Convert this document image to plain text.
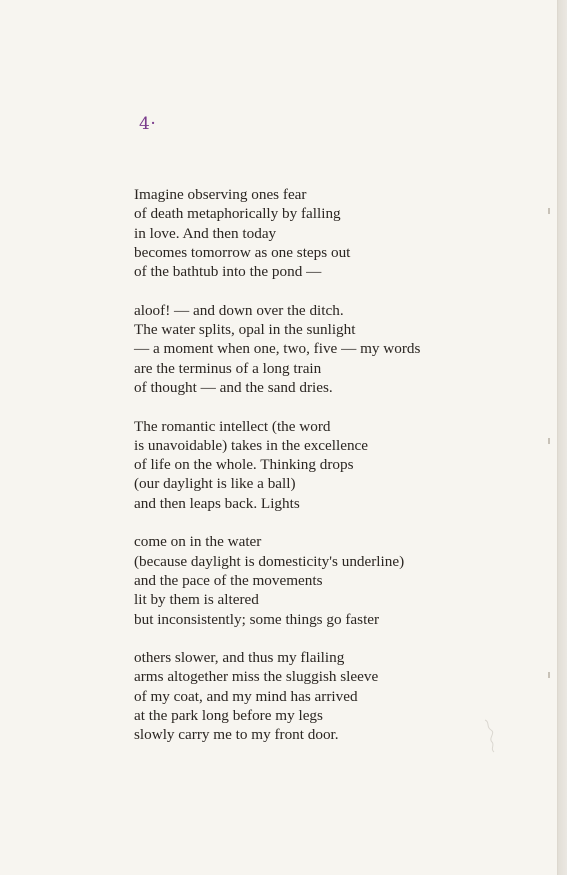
4·
Imagine observing ones fear
of death metaphorically by falling
in love. And then today
becomes tomorrow as one steps out
of the bathtub into the pond —
aloof! — and down over the ditch.
The water splits, opal in the sunlight
— a moment when one, two, five — my words
are the terminus of a long train
of thought — and the sand dries.
The romantic intellect (the word
is unavoidable) takes in the excellence
of life on the whole. Thinking drops
(our daylight is like a ball)
and then leaps back. Lights
come on in the water
(because daylight is domesticity's underline)
and the pace of the movements
lit by them is altered
but inconsistently; some things go faster
others slower, and thus my flailing
arms altogether miss the sluggish sleeve
of my coat, and my mind has arrived
at the park long before my legs
slowly carry me to my front door.
